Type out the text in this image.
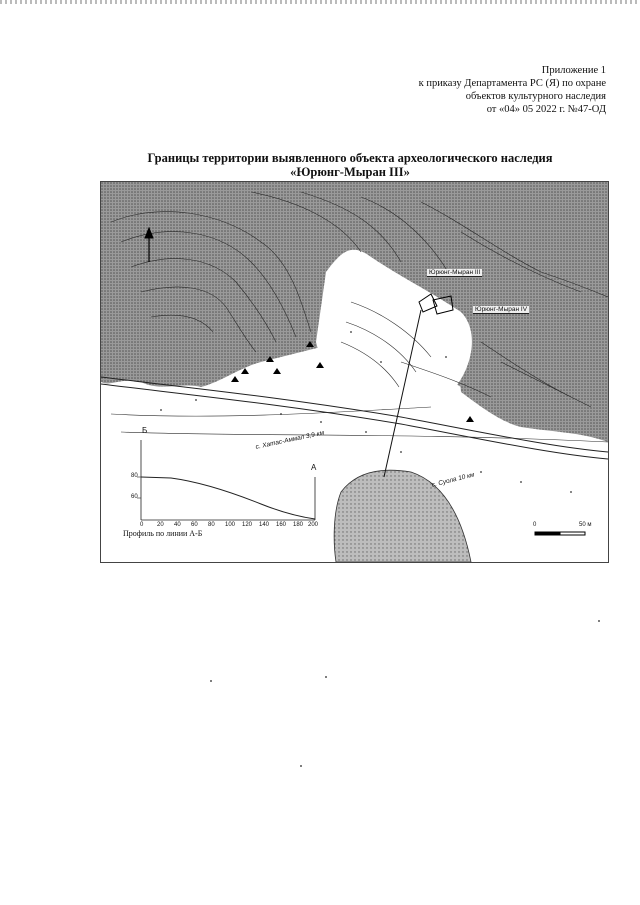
Приложение 1
к приказу Департамента РС (Я) по охране
объектов культурного наследия
от «04» 05 2022 г. №47-ОД
Границы территории выявленного объекта археологического наследия
«Юрюнг-Мыран III»
Юрюнг-Мыран III
Юрюнг-Мыран IV
с. Хатас-Аммал 3,9 км
с. Суола 10 км
Б
А
80
60
0 20 40 60 80 100 120 140 160 180 200
Профиль по линии А-Б
0	50 м
